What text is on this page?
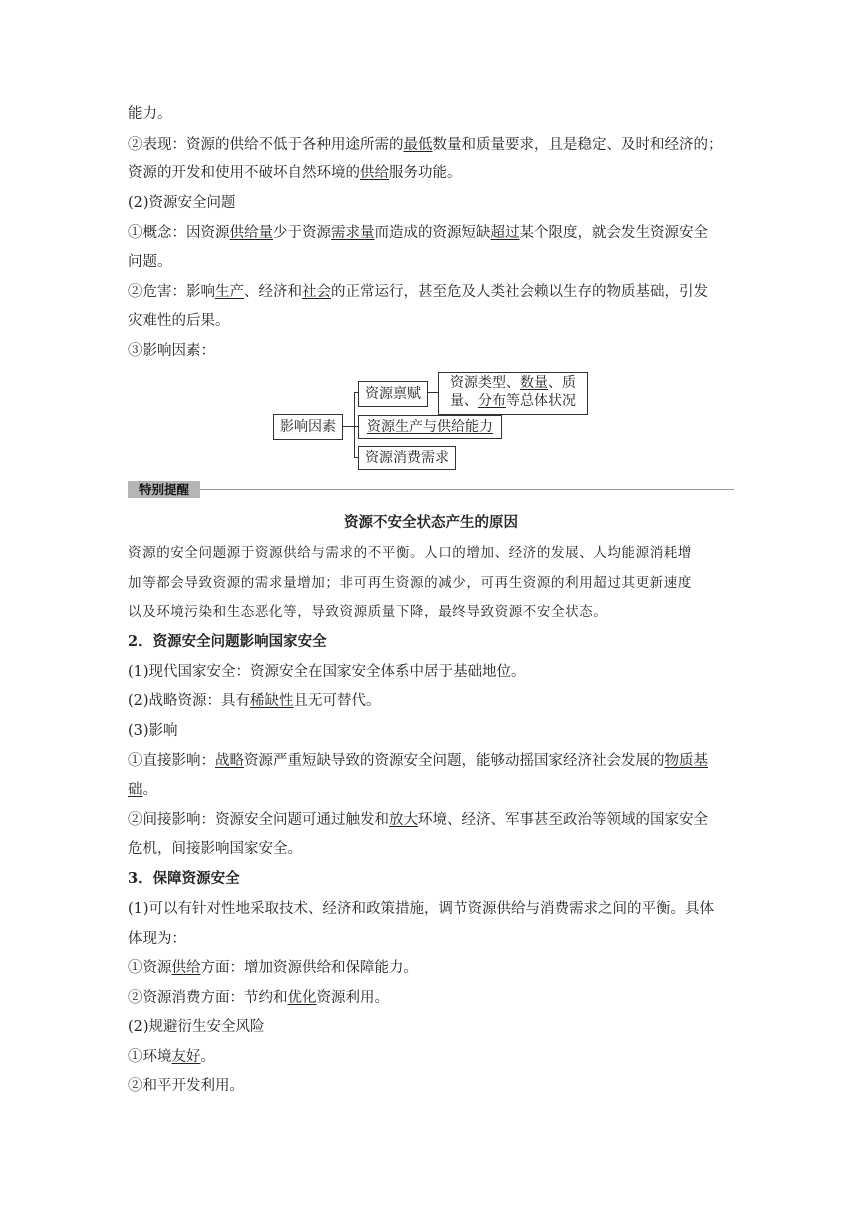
能力。
②表现：资源的供给不低于各种用途所需的最低数量和质量要求，且是稳定、及时和经济的；
资源的开发和使用不破坏自然环境的供给服务功能。
(2)资源安全问题
①概念：因资源供给量少于资源需求量而造成的资源短缺超过某个限度，就会发生资源安全
问题。
②危害：影响生产、经济和社会的正常运行，甚至危及人类社会赖以生存的物质基础，引发
灾难性的后果。
③影响因素：
影响因素
资源禀赋
资源类型、数量、质
量、分布等总体状况
资源生产与供给能力
资源消费需求
特别提醒
资源不安全状态产生的原因
资源的安全问题源于资源供给与需求的不平衡。人口的增加、经济的发展、人均能源消耗增
加等都会导致资源的需求量增加；非可再生资源的减少，可再生资源的利用超过其更新速度
以及环境污染和生态恶化等，导致资源质量下降，最终导致资源不安全状态。
2．资源安全问题影响国家安全
(1)现代国家安全：资源安全在国家安全体系中居于基础地位。
(2)战略资源：具有稀缺性且无可替代。
(3)影响
①直接影响：战略资源严重短缺导致的资源安全问题，能够动摇国家经济社会发展的物质基
础。
②间接影响：资源安全问题可通过触发和放大环境、经济、军事甚至政治等领域的国家安全
危机，间接影响国家安全。
3．保障资源安全
(1)可以有针对性地采取技术、经济和政策措施，调节资源供给与消费需求之间的平衡。具体
体现为：
①资源供给方面：增加资源供给和保障能力。
②资源消费方面：节约和优化资源利用。
(2)规避衍生安全风险
①环境友好。
②和平开发利用。
